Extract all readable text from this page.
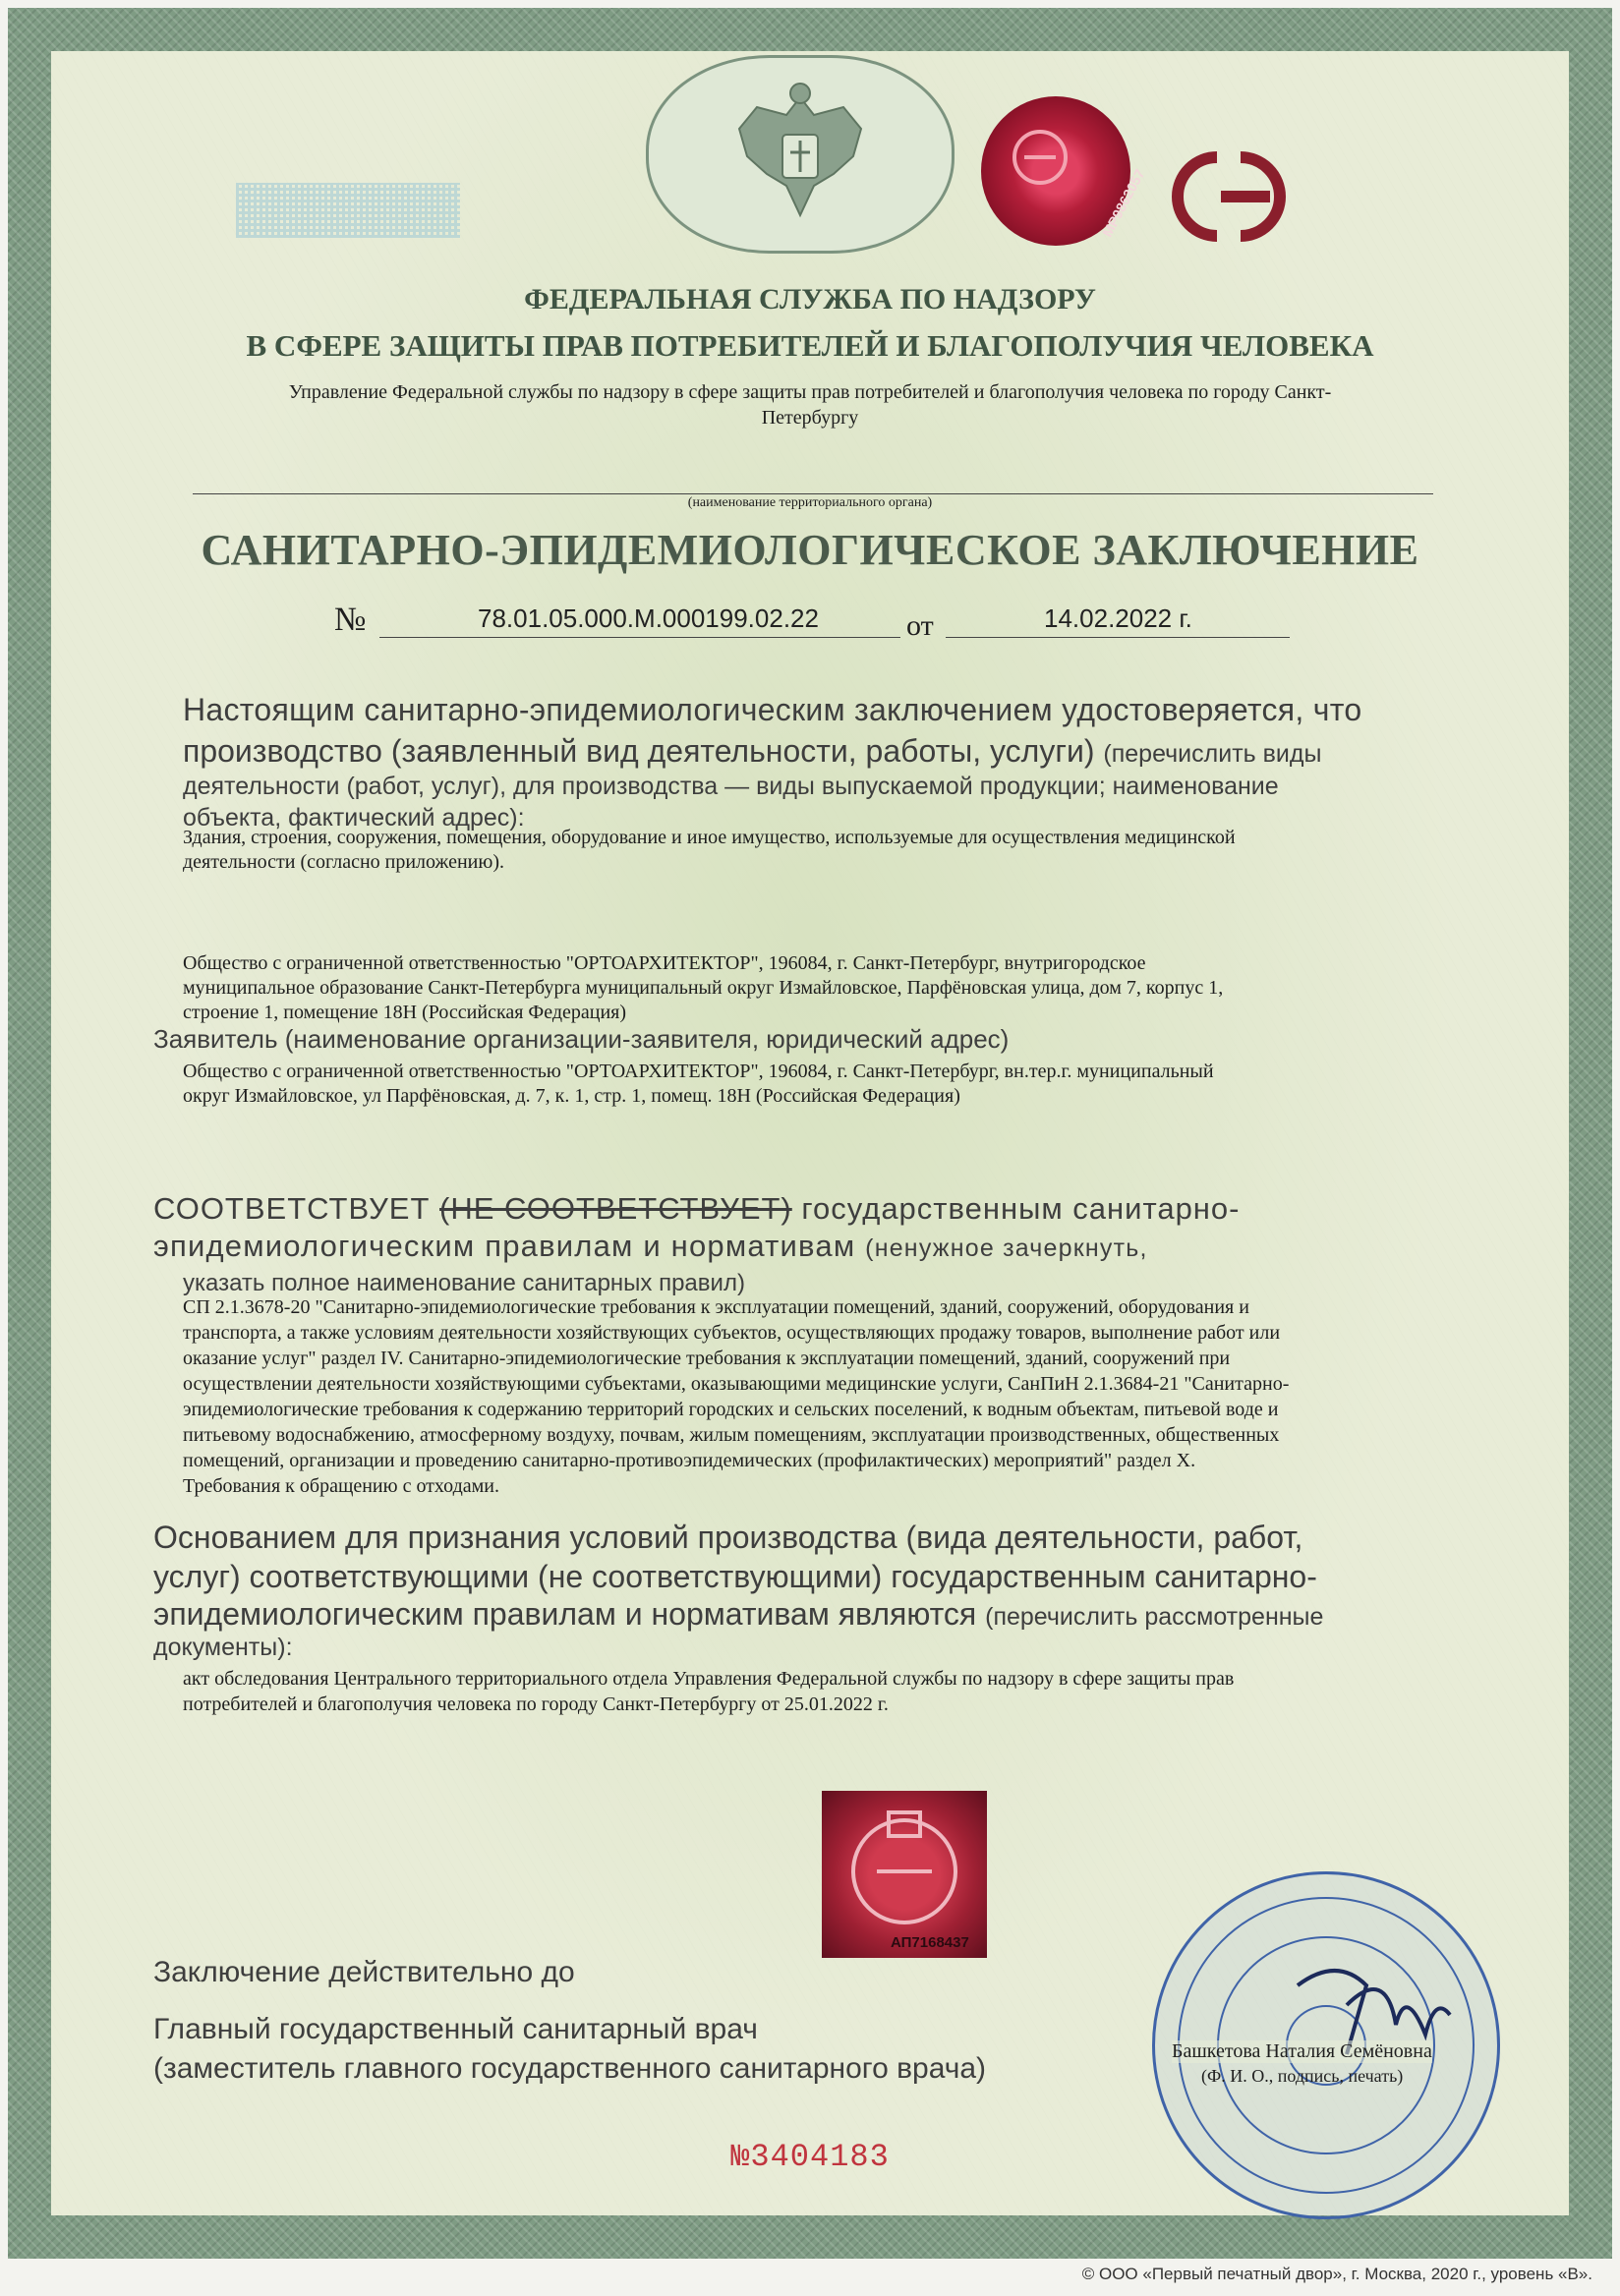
МР9862057
ФЕДЕРАЛЬНАЯ СЛУЖБА ПО НАДЗОРУ
В СФЕРЕ ЗАЩИТЫ ПРАВ ПОТРЕБИТЕЛЕЙ И БЛАГОПОЛУЧИЯ ЧЕЛОВЕКА
Управление Федеральной службы по надзору в сфере защиты прав потребителей и благополучия человека по городу Санкт-
Петербургу
(наименование территориального органа)
САНИТАРНО-ЭПИДЕМИОЛОГИЧЕСКОЕ ЗАКЛЮЧЕНИЕ
№	78.01.05.000.М.000199.02.22	от	14.02.2022 г.
Настоящим санитарно-эпидемиологическим заключением удостоверяется, что
производство (заявленный вид деятельности, работы, услуги) (перечислить виды
деятельности (работ, услуг), для производства — виды выпускаемой продукции; наименование
объекта, фактический адрес):
Здания, строения, сооружения, помещения, оборудование и иное имущество, используемые для осуществления медицинской
деятельности (согласно приложению).
Общество с ограниченной ответственностью "ОРТОАРХИТЕКТОР", 196084, г. Санкт-Петербург, внутригородское
муниципальное образование Санкт-Петербурга муниципальный округ Измайловское, Парфёновская улица, дом 7, корпус 1,
строение 1, помещение 18Н (Российская Федерация)
Заявитель (наименование организации-заявителя, юридический адрес)
Общество с ограниченной ответственностью "ОРТОАРХИТЕКТОР", 196084, г. Санкт-Петербург, вн.тер.г. муниципальный
округ Измайловское, ул Парфёновская, д. 7, к. 1, стр. 1, помещ. 18Н (Российская Федерация)
СООТВЕТСТВУЕТ (НЕ СООТВЕТСТВУЕТ) государственным санитарно-
эпидемиологическим правилам и нормативам (ненужное зачеркнуть,
указать полное наименование санитарных правил)
СП 2.1.3678-20 "Санитарно-эпидемиологические требования к эксплуатации помещений, зданий, сооружений, оборудования и
транспорта, а также условиям деятельности хозяйствующих субъектов, осуществляющих продажу товаров, выполнение работ или
оказание услуг" раздел IV. Санитарно-эпидемиологические требования к эксплуатации помещений, зданий, сооружений при
осуществлении деятельности хозяйствующими субъектами, оказывающими медицинские услуги, СанПиН 2.1.3684-21 "Санитарно-
эпидемиологические требования к содержанию территорий городских и сельских поселений, к водным объектам, питьевой воде и
питьевому водоснабжению, атмосферному воздуху, почвам, жилым помещениям, эксплуатации производственных, общественных
помещений, организации и проведению санитарно-противоэпидемических (профилактических) мероприятий" раздел X.
Требования к обращению с отходами.
Основанием для признания условий производства (вида деятельности, работ,
услуг) соответствующими (не соответствующими) государственным санитарно-
эпидемиологическим правилам и нормативам являются (перечислить рассмотренные
документы):
акт обследования Центрального территориального отдела Управления Федеральной службы по надзору в сфере защиты прав
потребителей и благополучия человека по городу Санкт-Петербургу от 25.01.2022 г.
АП7168437
Заключение действительно до
Главный государственный санитарный врач
(заместитель главного государственного санитарного врача)
Башкетова Наталия Семёновна
(Ф. И. О., подпись, печать)
№3404183
© ООО «Первый печатный двор», г. Москва, 2020 г., уровень «В».
